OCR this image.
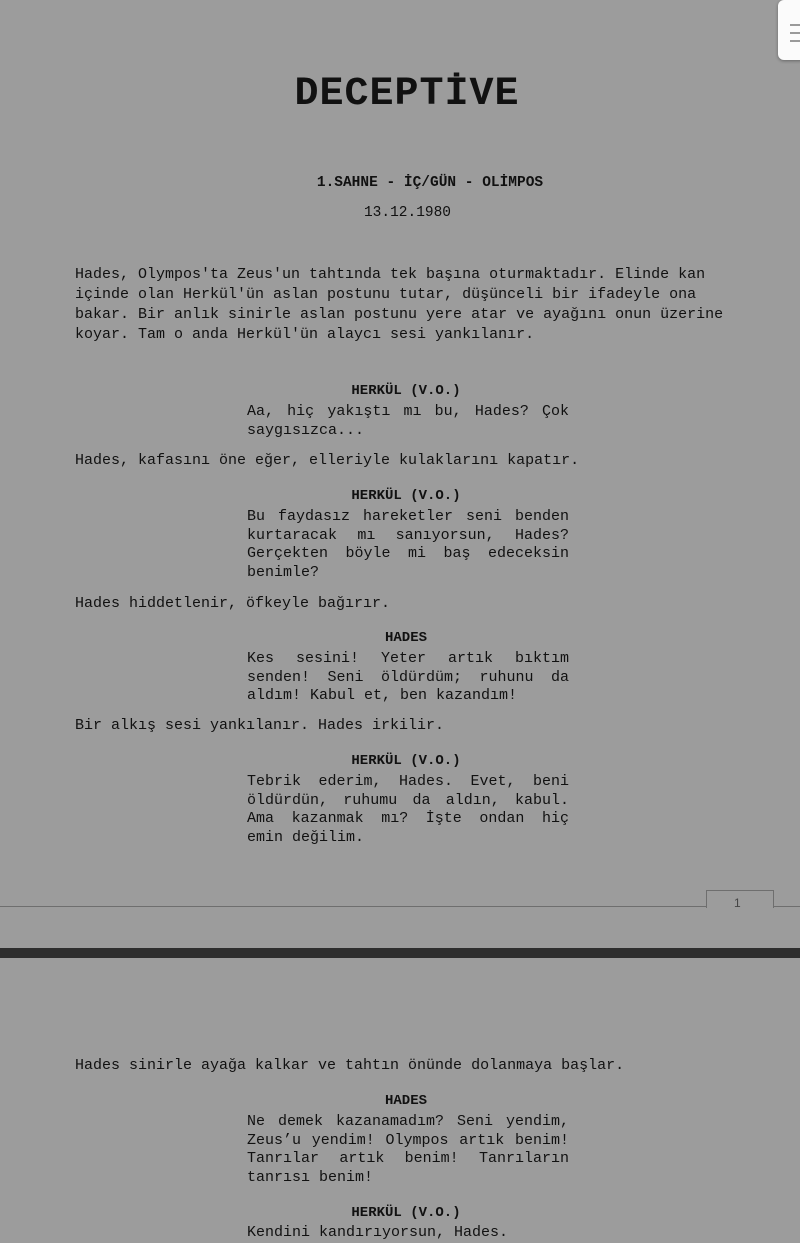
DECEPTİVE
1.SAHNE - İÇ/GÜN - OLİMPOS
13.12.1980
Hades, Olympos'ta Zeus'un tahtında tek başına oturmaktadır. Elinde kan içinde olan Herkül'ün aslan postunu tutar, düşünceli bir ifadeyle ona bakar. Bir anlık sinirle aslan postunu yere atar ve ayağını onun üzerine koyar. Tam o anda Herkül'ün alaycı sesi yankılanır.
HERKÜL (V.O.)
Aa, hiç yakıştı mı bu, Hades? Çok saygısızca...
Hades, kafasını öne eğer, elleriyle kulaklarını kapatır.
HERKÜL (V.O.)
Bu faydasız hareketler seni benden kurtaracak mı sanıyorsun, Hades? Gerçekten böyle mi baş edeceksin benimle?
Hades hiddetlenir, öfkeyle bağırır.
HADES
Kes sesini! Yeter artık bıktım senden! Seni öldürdüm; ruhunu da aldım! Kabul et, ben kazandım!
Bir alkış sesi yankılanır. Hades irkilir.
HERKÜL (V.O.)
Tebrik ederim, Hades. Evet, beni öldürdün, ruhumu da aldın, kabul. Ama kazanmak mı? İşte ondan hiç emin değilim.
1
Hades sinirle ayağa kalkar ve tahtın önünde dolanmaya başlar.
HADES
Ne demek kazanamadım? Seni yendim, Zeus’u yendim! Olympos artık benim! Tanrılar artık benim! Tanrıların tanrısı benim!
HERKÜL (V.O.)
Kendini kandırıyorsun, Hades.
